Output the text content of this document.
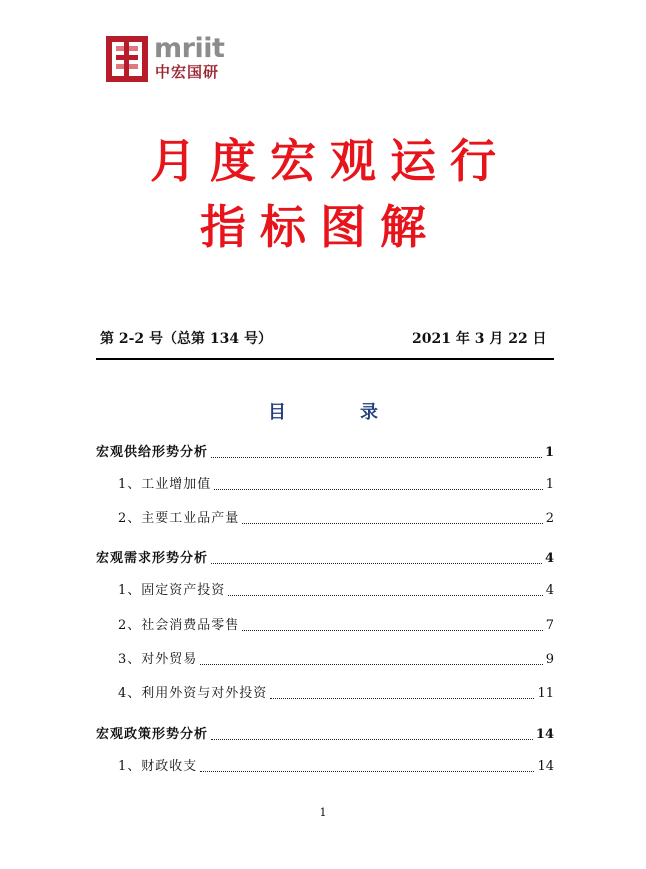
mriit
中宏国研
月度宏观运行
指标图解
第 2-2 号（总第 134 号）	2021 年 3 月 22 日
目　录
宏观供给形势分析	1
1、工业增加值	1
2、主要工业品产量	2
宏观需求形势分析	4
1、固定资产投资	4
2、社会消费品零售	7
3、对外贸易	9
4、利用外资与对外投资	11
宏观政策形势分析	14
1、财政收支	14
1
